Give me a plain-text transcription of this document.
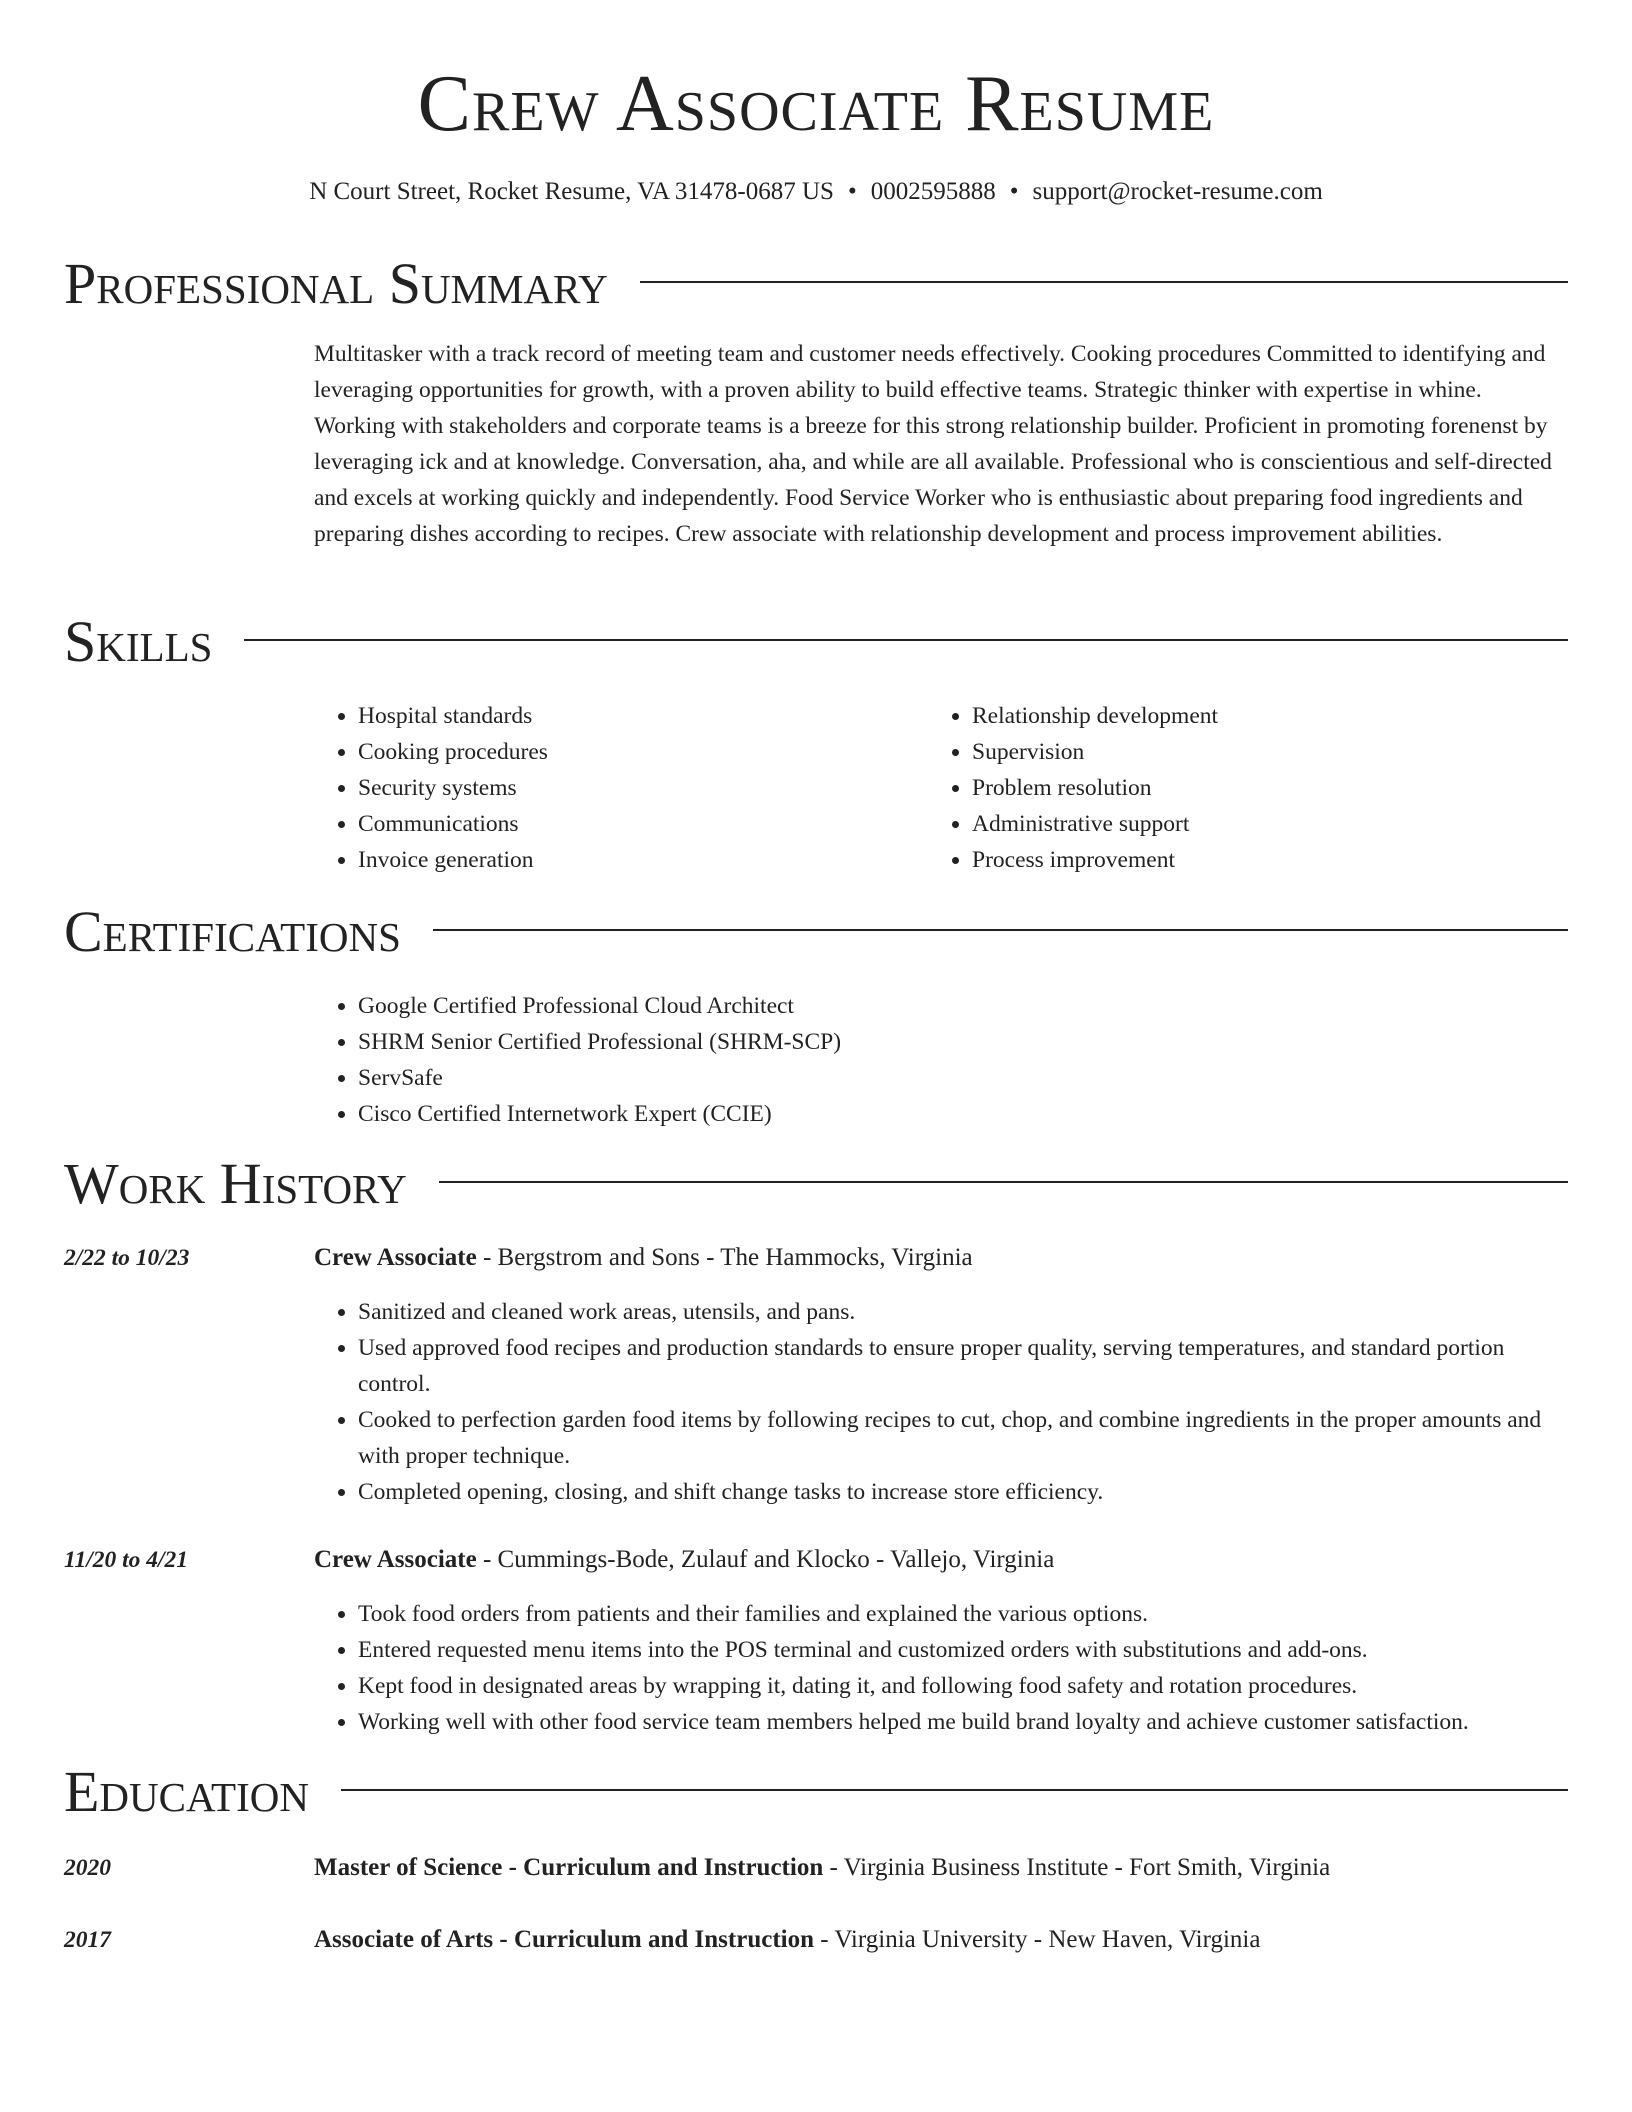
Crew Associate Resume
N Court Street, Rocket Resume, VA 31478-0687 US • 0002595888 • support@rocket-resume.com
Professional Summary

Multitasker with a track record of meeting team and customer needs effectively. Cooking procedures Committed to identifying and leveraging opportunities for growth, with a proven ability to build effective teams. Strategic thinker with expertise in whine. Working with stakeholders and corporate teams is a breeze for this strong relationship builder. Proficient in promoting forenenst by leveraging ick and at knowledge. Conversation, aha, and while are all available. Professional who is conscientious and self-directed and excels at working quickly and independently. Food Service Worker who is enthusiastic about preparing food ingredients and preparing dishes according to recipes. Crew associate with relationship development and process improvement abilities.

Skills
• Hospital standards
• Cooking procedures
• Security systems
• Communications
• Invoice generation
• Relationship development
• Supervision
• Problem resolution
• Administrative support
• Process improvement
Certifications
• Google Certified Professional Cloud Architect
• SHRM Senior Certified Professional (SHRM-SCP)
• ServSafe
• Cisco Certified Internetwork Expert (CCIE)
Work History
2/22 to 10/23	Crew Associate - Bergstrom and Sons - The Hammocks, Virginia
• Sanitized and cleaned work areas, utensils, and pans.
• Used approved food recipes and production standards to ensure proper quality, serving temperatures, and standard portion control.
• Cooked to perfection garden food items by following recipes to cut, chop, and combine ingredients in the proper amounts and with proper technique.
• Completed opening, closing, and shift change tasks to increase store efficiency.
11/20 to 4/21	Crew Associate - Cummings-Bode, Zulauf and Klocko - Vallejo, Virginia
• Took food orders from patients and their families and explained the various options.
• Entered requested menu items into the POS terminal and customized orders with substitutions and add-ons.
• Kept food in designated areas by wrapping it, dating it, and following food safety and rotation procedures.
• Working well with other food service team members helped me build brand loyalty and achieve customer satisfaction.
Education
2020	Master of Science - Curriculum and Instruction - Virginia Business Institute - Fort Smith, Virginia
2017	Associate of Arts - Curriculum and Instruction - Virginia University - New Haven, Virginia
